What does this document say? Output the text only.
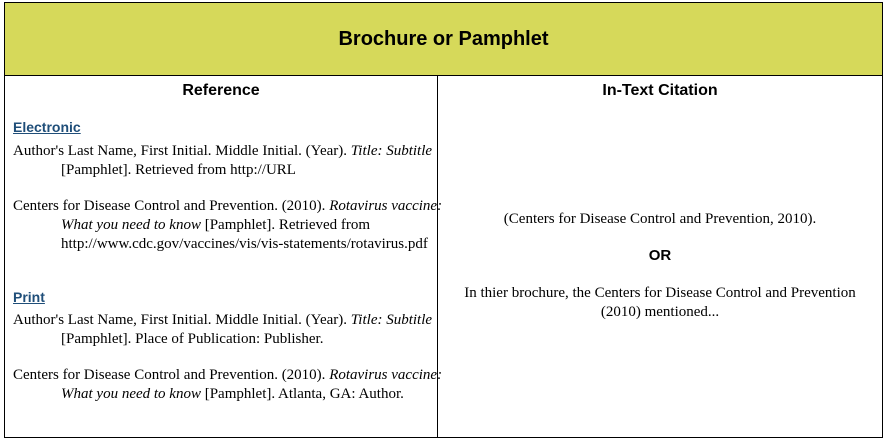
Brochure or Pamphlet
Reference
Electronic
Author's Last Name, First Initial. Middle Initial. (Year). Title: Subtitle [Pamphlet]. Retrieved from http://URL
Centers for Disease Control and Prevention. (2010). Rotavirus vaccine: What you need to know [Pamphlet]. Retrieved from http://www.cdc.gov/vaccines/vis/vis-statements/rotavirus.pdf
Print
Author's Last Name, First Initial. Middle Initial. (Year). Title: Subtitle [Pamphlet]. Place of Publication: Publisher.
Centers for Disease Control and Prevention. (2010). Rotavirus vaccine: What you need to know [Pamphlet]. Atlanta, GA: Author.
In-Text Citation
(Centers for Disease Control and Prevention, 2010).
OR
In thier brochure, the Centers for Disease Control and Prevention (2010) mentioned...
